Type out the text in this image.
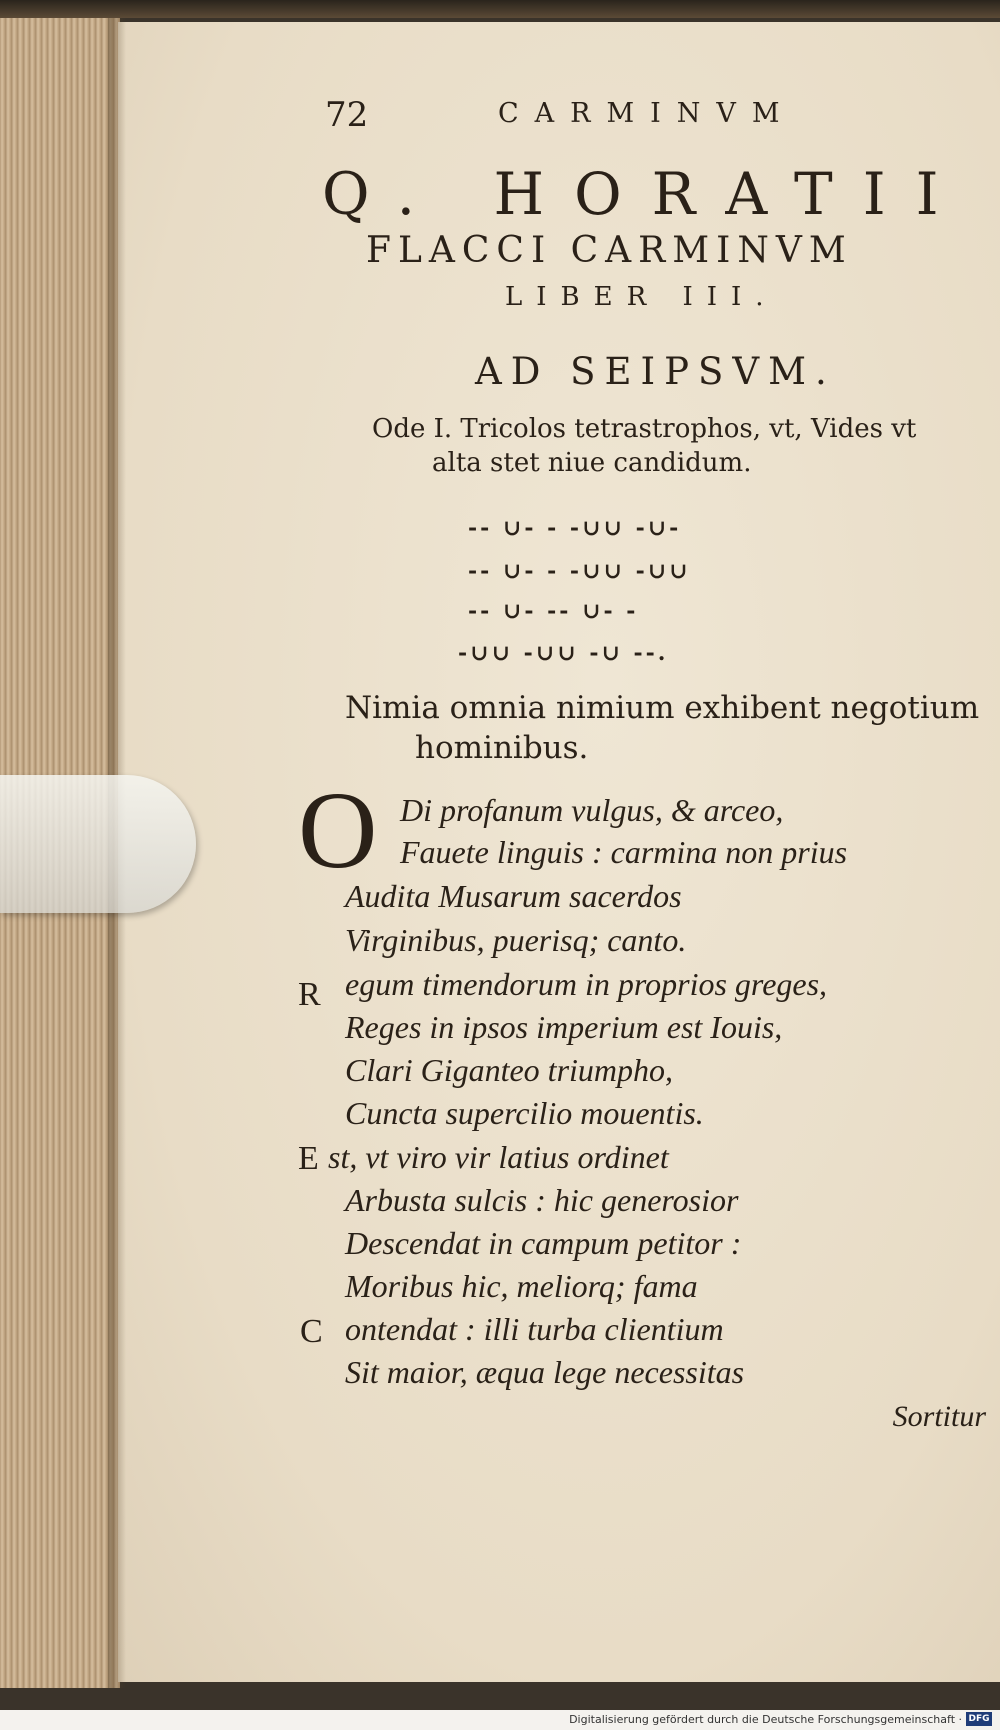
72	CARMINVM
Q. HORATII
FLACCI CARMINVM
LIBER III.
AD SEIPSVM.
Ode I. Tricolos tetrastrophos, vt, Vides vt
alta stet niue candidum.
-- ∪- - -∪∪ -∪-
-- ∪- - -∪∪ -∪∪
-- ∪- -- ∪- -
-∪∪ -∪∪ -∪ --.
Nimia omnia nimium exhibent negotium
hominibus.
O
R
E
C
Di profanum vulgus, & arceo,
Fauete linguis : carmina non prius
Audita Musarum sacerdos
Virginibus, puerisq; canto.
egum timendorum in proprios greges,
Reges in ipsos imperium est Iouis,
Clari Giganteo triumpho,
Cuncta supercilio mouentis.
st, vt viro vir latius ordinet
Arbusta sulcis : hic generosior
Descendat in campum petitor :
Moribus hic, meliorq; fama
ontendat : illi turba clientium
Sit maior, æqua lege necessitas
Sortitur
Digitalisierung gefördert durch die Deutsche Forschungsgemeinschaft · DFG
